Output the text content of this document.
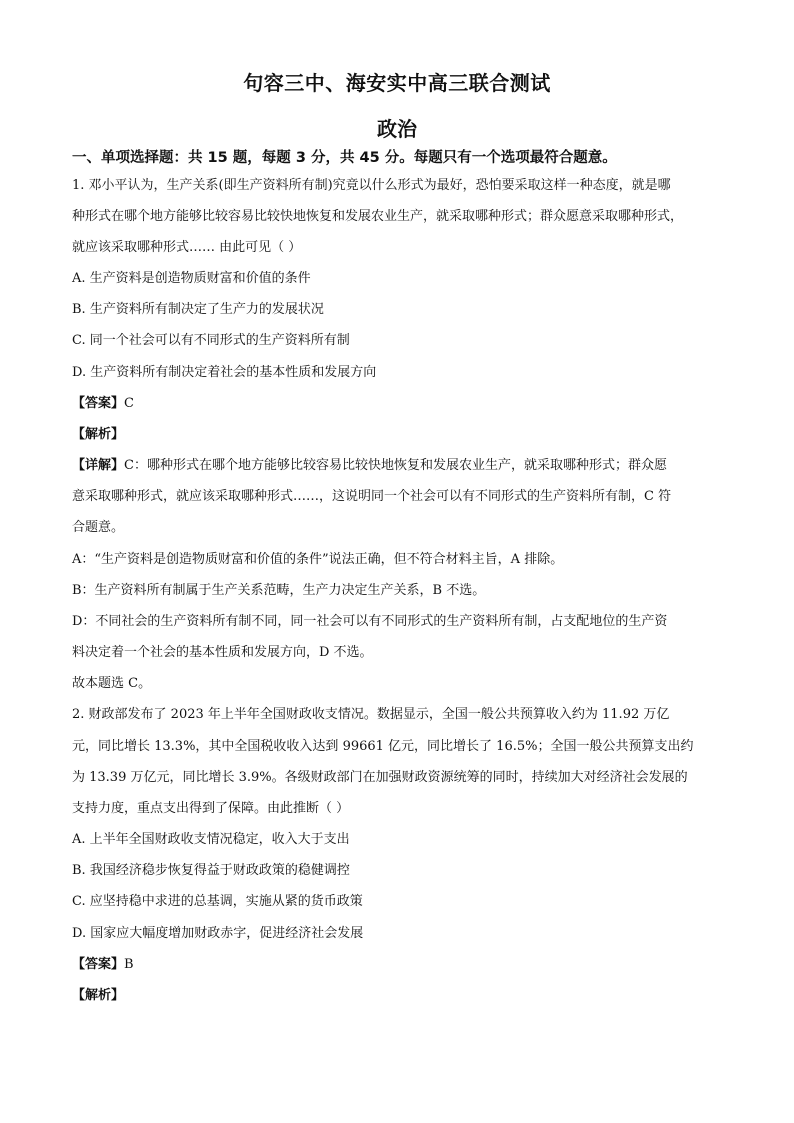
句容三中、海安实中高三联合测试
政治
一、单项选择题：共 15 题，每题 3 分，共 45 分。每题只有一个选项最符合题意。
1. 邓小平认为，生产关系(即生产资料所有制)究竟以什么形式为最好，恐怕要采取这样一种态度，就是哪
种形式在哪个地方能够比较容易比较快地恢复和发展农业生产，就采取哪种形式；群众愿意采取哪种形式，
就应该采取哪种形式…… 由此可见（ ）
A. 生产资料是创造物质财富和价值的条件
B. 生产资料所有制决定了生产力的发展状况
C. 同一个社会可以有不同形式的生产资料所有制
D. 生产资料所有制决定着社会的基本性质和发展方向
【答案】C
【解析】
【详解】C：哪种形式在哪个地方能够比较容易比较快地恢复和发展农业生产，就采取哪种形式；群众愿
意采取哪种形式，就应该采取哪种形式……，这说明同一个社会可以有不同形式的生产资料所有制，C 符
合题意。
A：“生产资料是创造物质财富和价值的条件”说法正确，但不符合材料主旨，A 排除。
B：生产资料所有制属于生产关系范畴，生产力决定生产关系，B 不选。
D：不同社会的生产资料所有制不同，同一社会可以有不同形式的生产资料所有制，占支配地位的生产资
料决定着一个社会的基本性质和发展方向，D 不选。
故本题选 C。
2. 财政部发布了 2023 年上半年全国财政收支情况。数据显示，全国一般公共预算收入约为 11.92 万亿
元，同比增长 13.3%，其中全国税收收入达到 99661 亿元，同比增长了 16.5%；全国一般公共预算支出约
为 13.39 万亿元，同比增长 3.9%。各级财政部门在加强财政资源统筹的同时，持续加大对经济社会发展的
支持力度，重点支出得到了保障。由此推断（ ）
A. 上半年全国财政收支情况稳定，收入大于支出
B. 我国经济稳步恢复得益于财政政策的稳健调控
C. 应坚持稳中求进的总基调，实施从紧的货币政策
D. 国家应大幅度增加财政赤字，促进经济社会发展
【答案】B
【解析】
